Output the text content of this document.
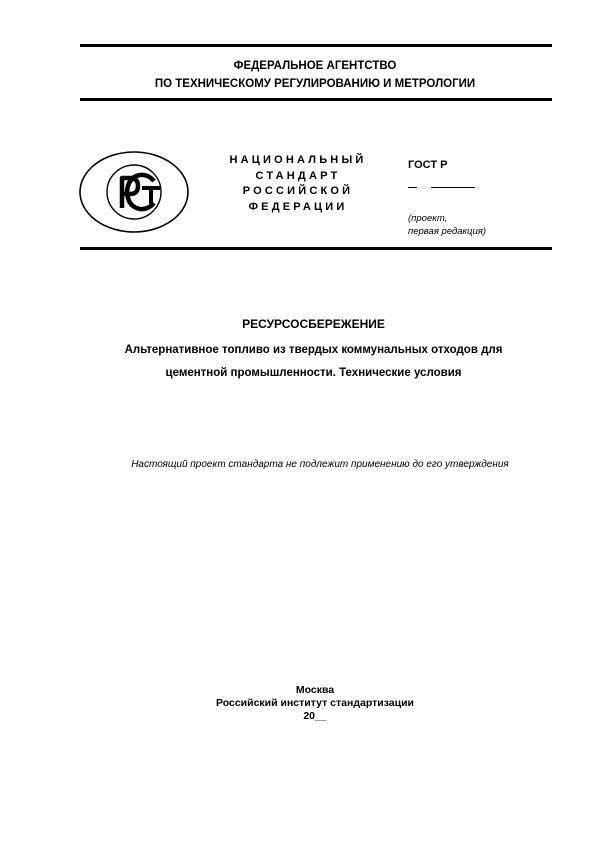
ФЕДЕРАЛЬНОЕ АГЕНТСТВО
ПО ТЕХНИЧЕСКОМУ РЕГУЛИРОВАНИЮ И МЕТРОЛОГИИ
НАЦИОНАЛЬНЫЙ
СТАНДАРТ
РОССИЙСКОЙ
ФЕДЕРАЦИИ
ГОСТ Р
(проект,
первая редакция)
РЕСУРСОСБЕРЕЖЕНИЕ
Альтернативное топливо из твердых коммунальных отходов для
цементной промышленности. Технические условия
Настоящий проект стандарта не подлежит применению до его утверждения
Москва
Российский институт стандартизации
20__
